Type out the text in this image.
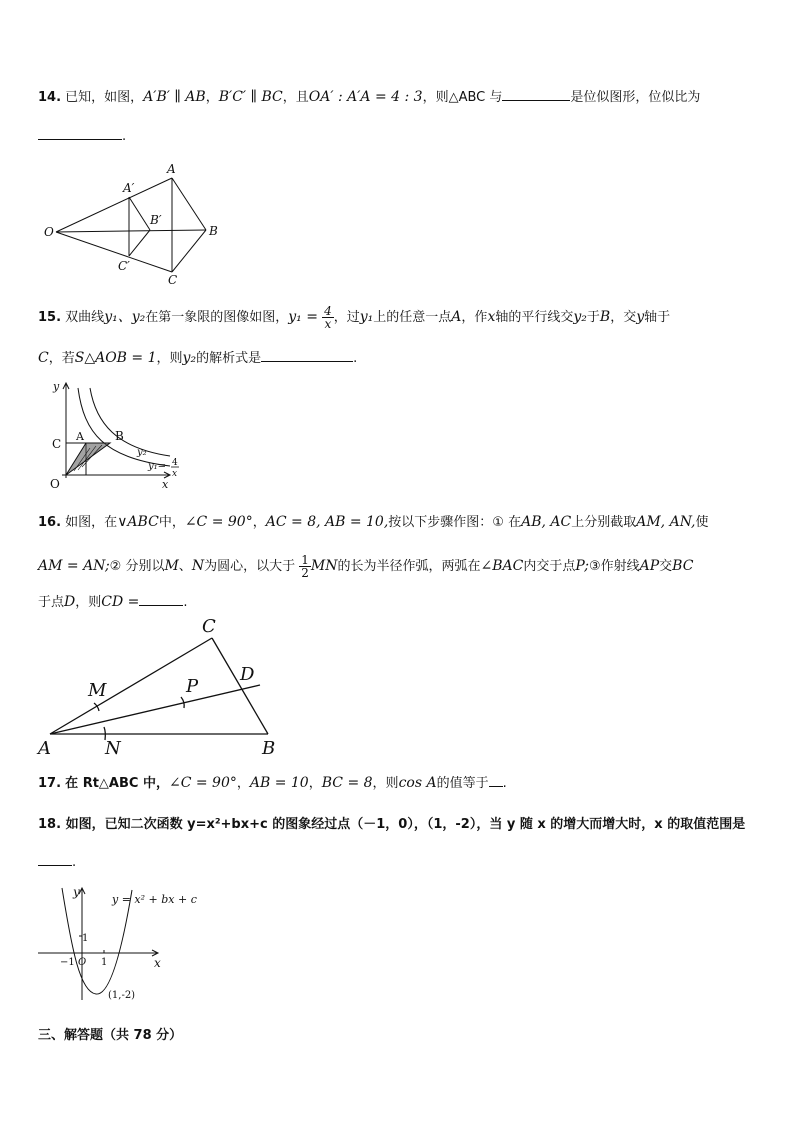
14. 已知，如图，A′B′ ∥ AB，B′C′ ∥ BC，且OA′ : A′A = 4 : 3，则△ABC 与	是位似图形，位似比为
.
O
A
B
C
A′
B′
C′
15. 双曲线y₁、y₂在第一象限的图像如图，$y_1 = \frac{4}{x}$ ，过y₁上的任意一点A，作x轴的平行线交y₂于B，交y轴于
C，若S△AOB = 1，则y₂的解析式是	.
y
x
O
C
A	B
y₂
y₁= 4
x
16. 如图，在∨ABC中，∠C = 90°，AC = 8, AB = 10,按以下步骤作图：① 在AB, AC上分别截取AM, AN,使
AM = AN;② 分别以M、N为圆心，以大于 $\frac{1}{2}$ MN的长为半径作弧，两弧在∠BAC内交于点P;③作射线AP交BC
于点D，则CD =	.
A	B
C
D
M
N
P
17. 在 Rt△ABC 中，∠C = 90°，AB = 10，BC = 8，则cos A的值等于 .
18. 如图，已知二次函数 y=x²+bx+c 的图象经过点（－1，0），（1，-2），当 y 随 x 的增大而增大时，x 的取值范围是
.
y
x
y = x² + bx + c
1
−1 O 1
(1,-2)
三、解答题（共 78 分）
